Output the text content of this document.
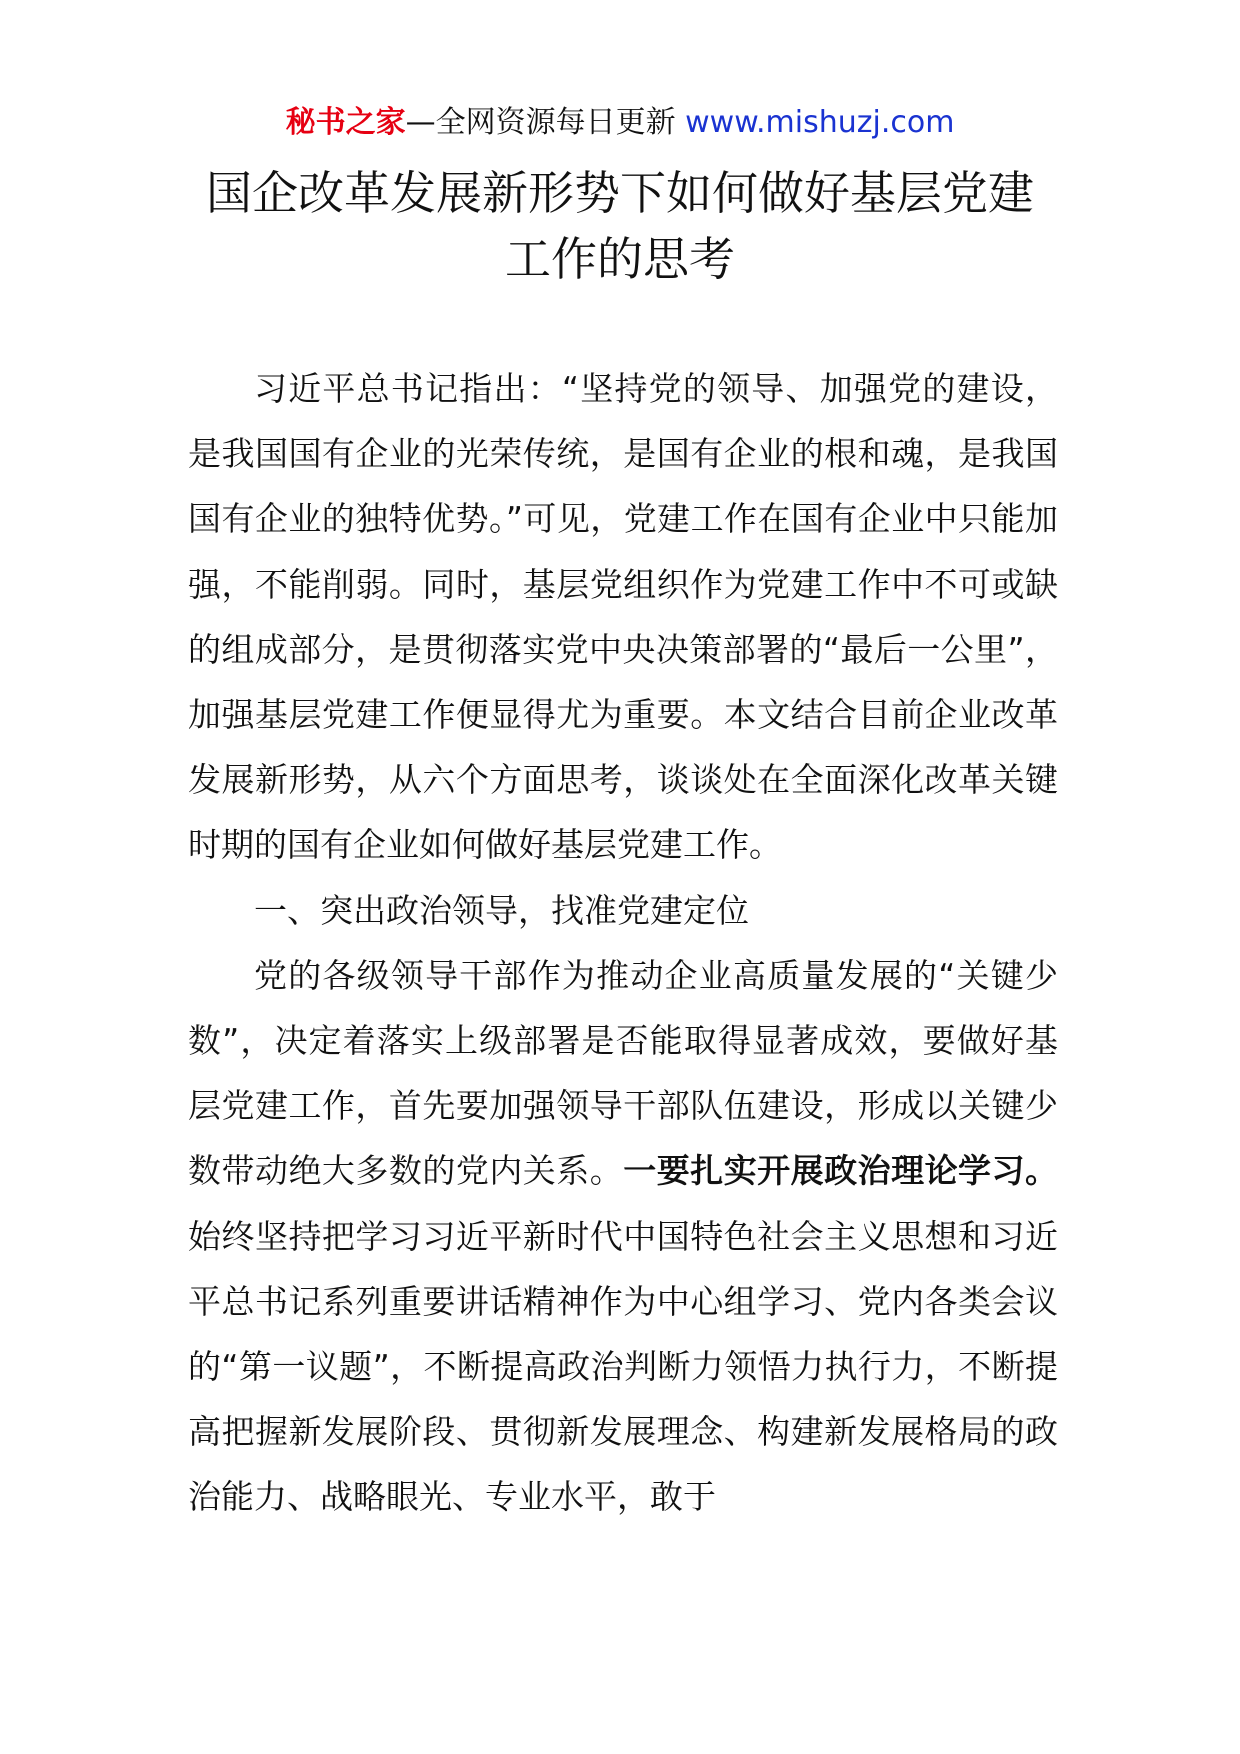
秘书之家—全网资源每日更新 www.mishuzj.com
国企改革发展新形势下如何做好基层党建
工作的思考

习近平总书记指出：“坚持党的领导、加强党的建设，是我国国有企业的光荣传统，是国有企业的根和魂，是我国国有企业的独特优势。”可见，党建工作在国有企业中只能加强，不能削弱。同时，基层党组织作为党建工作中不可或缺的组成部分，是贯彻落实党中央决策部署的“最后一公里”，加强基层党建工作便显得尤为重要。本文结合目前企业改革发展新形势，从六个方面思考，谈谈处在全面深化改革关键时期的国有企业如何做好基层党建工作。

一、突出政治领导，找准党建定位

党的各级领导干部作为推动企业高质量发展的“关键少数”，决定着落实上级部署是否能取得显著成效，要做好基层党建工作，首先要加强领导干部队伍建设，形成以关键少数带动绝大多数的党内关系。一要扎实开展政治理论学习。始终坚持把学习习近平新时代中国特色社会主义思想和习近平总书记系列重要讲话精神作为中心组学习、党内各类会议的“第一议题”，不断提高政治判断力领悟力执行力，不断提高把握新发展阶段、贯彻新发展理念、构建新发展格局的政治能力、战略眼光、专业水平，敢于
